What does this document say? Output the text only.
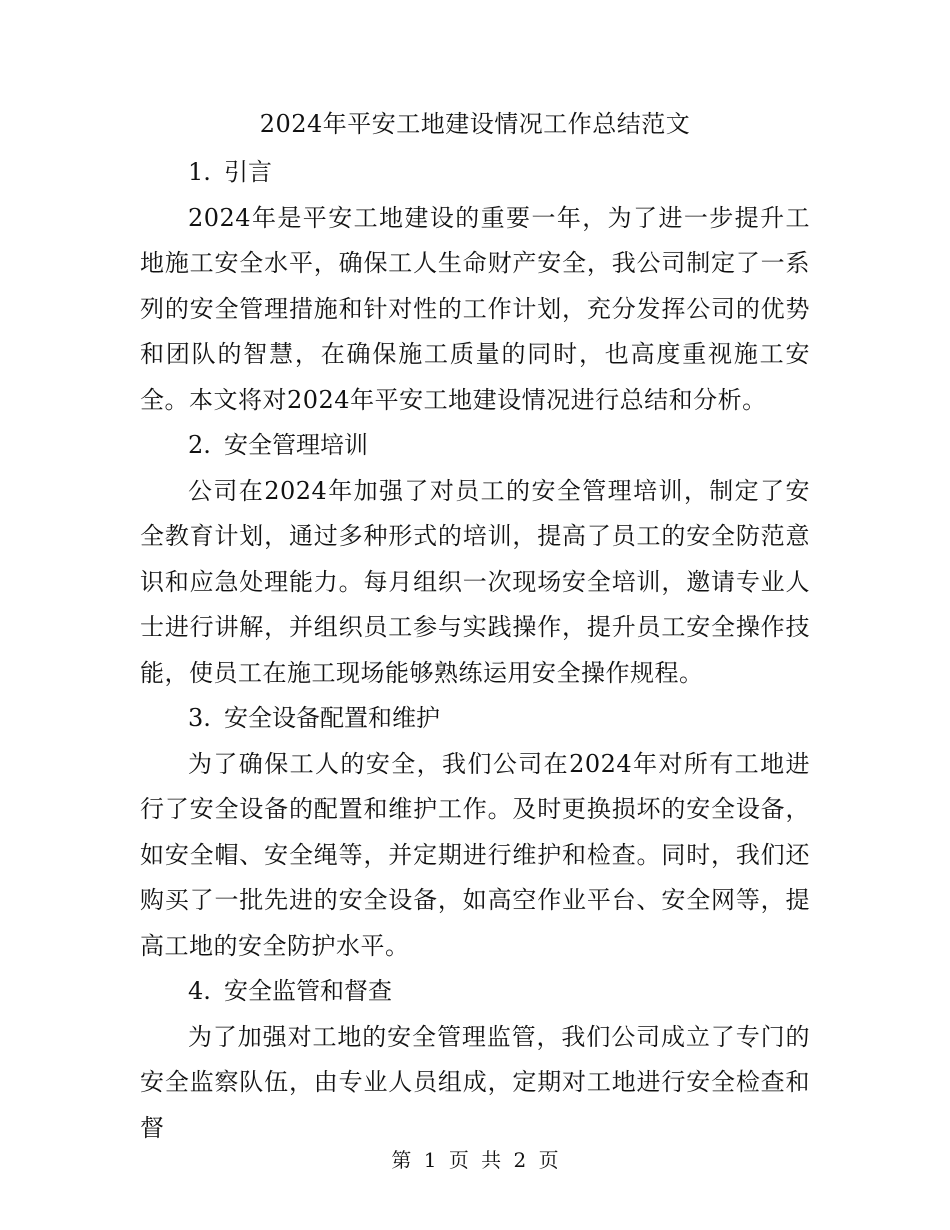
2024年平安工地建设情况工作总结范文

1. 引言

2024年是平安工地建设的重要一年，为了进一步提升工地施工安全水平，确保工人生命财产安全，我公司制定了一系列的安全管理措施和针对性的工作计划，充分发挥公司的优势和团队的智慧，在确保施工质量的同时，也高度重视施工安全。本文将对2024年平安工地建设情况进行总结和分析。

2. 安全管理培训

公司在2024年加强了对员工的安全管理培训，制定了安全教育计划，通过多种形式的培训，提高了员工的安全防范意识和应急处理能力。每月组织一次现场安全培训，邀请专业人士进行讲解，并组织员工参与实践操作，提升员工安全操作技能，使员工在施工现场能够熟练运用安全操作规程。

3. 安全设备配置和维护

为了确保工人的安全，我们公司在2024年对所有工地进行了安全设备的配置和维护工作。及时更换损坏的安全设备，如安全帽、安全绳等，并定期进行维护和检查。同时，我们还购买了一批先进的安全设备，如高空作业平台、安全网等，提高工地的安全防护水平。

4. 安全监管和督查

为了加强对工地的安全管理监管，我们公司成立了专门的安全监察队伍，由专业人员组成，定期对工地进行安全检查和督

第 1 页 共 2 页
